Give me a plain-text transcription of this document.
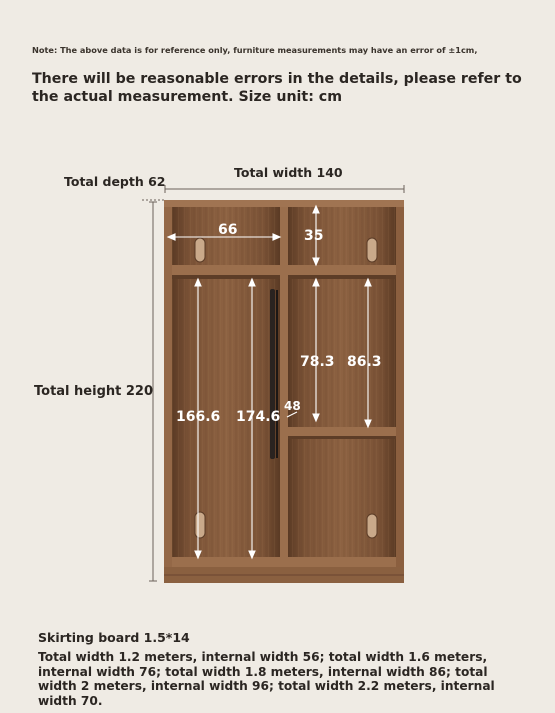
Note: The above data is for reference only, furniture measurements may have an error of ±1cm,
There will be reasonable errors in the details, please refer to the actual measurement. Size unit: cm
Total width 140
Total depth 62
Total height 220
66	35
166.6 174.6
78.3 86.3
48
Skirting board 1.5*14
Total width 1.2 meters, internal width 56; total width 1.6 meters, internal width 76; total width 1.8 meters, internal width 86; total width 2 meters, internal width 96; total width 2.2 meters, internal width 70.
